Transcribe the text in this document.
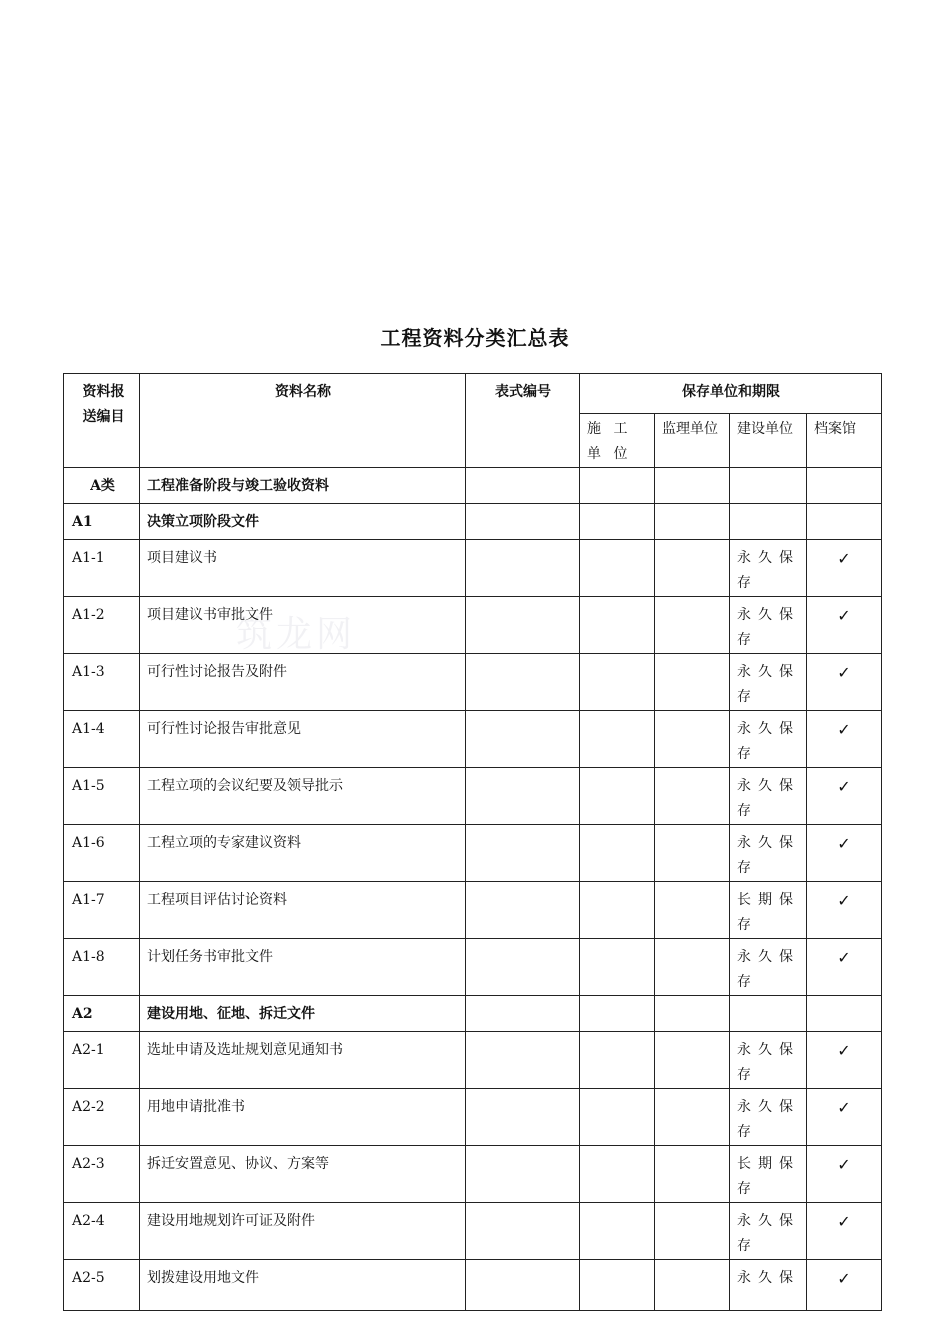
工程资料分类汇总表
筑龙网
资料报送编目	资料名称	表式编号	保存单位和期限			
			施 工 单 位	监理单位	建设单位	档案馆
A类	工程准备阶段与竣工验收资料					
A1	决策立项阶段文件					
A1-1	项目建议书				永久保存	✓
A1-2	项目建议书审批文件				永久保存	✓
A1-3	可行性讨论报告及附件				永久保存	✓
A1-4	可行性讨论报告审批意见				永久保存	✓
A1-5	工程立项的会议纪要及领导批示				永久保存	✓
A1-6	工程立项的专家建议资料				永久保存	✓
A1-7	工程项目评估讨论资料				长期保存	✓
A1-8	计划任务书审批文件				永久保存	✓
A2	建设用地、征地、拆迁文件					
A2-1	选址申请及选址规划意见通知书				永久保存	✓
A2-2	用地申请批准书				永久保存	✓
A2-3	拆迁安置意见、协议、方案等				长期保存	✓
A2-4	建设用地规划许可证及附件				永久保存	✓
A2-5	划拨建设用地文件				永久保	✓
